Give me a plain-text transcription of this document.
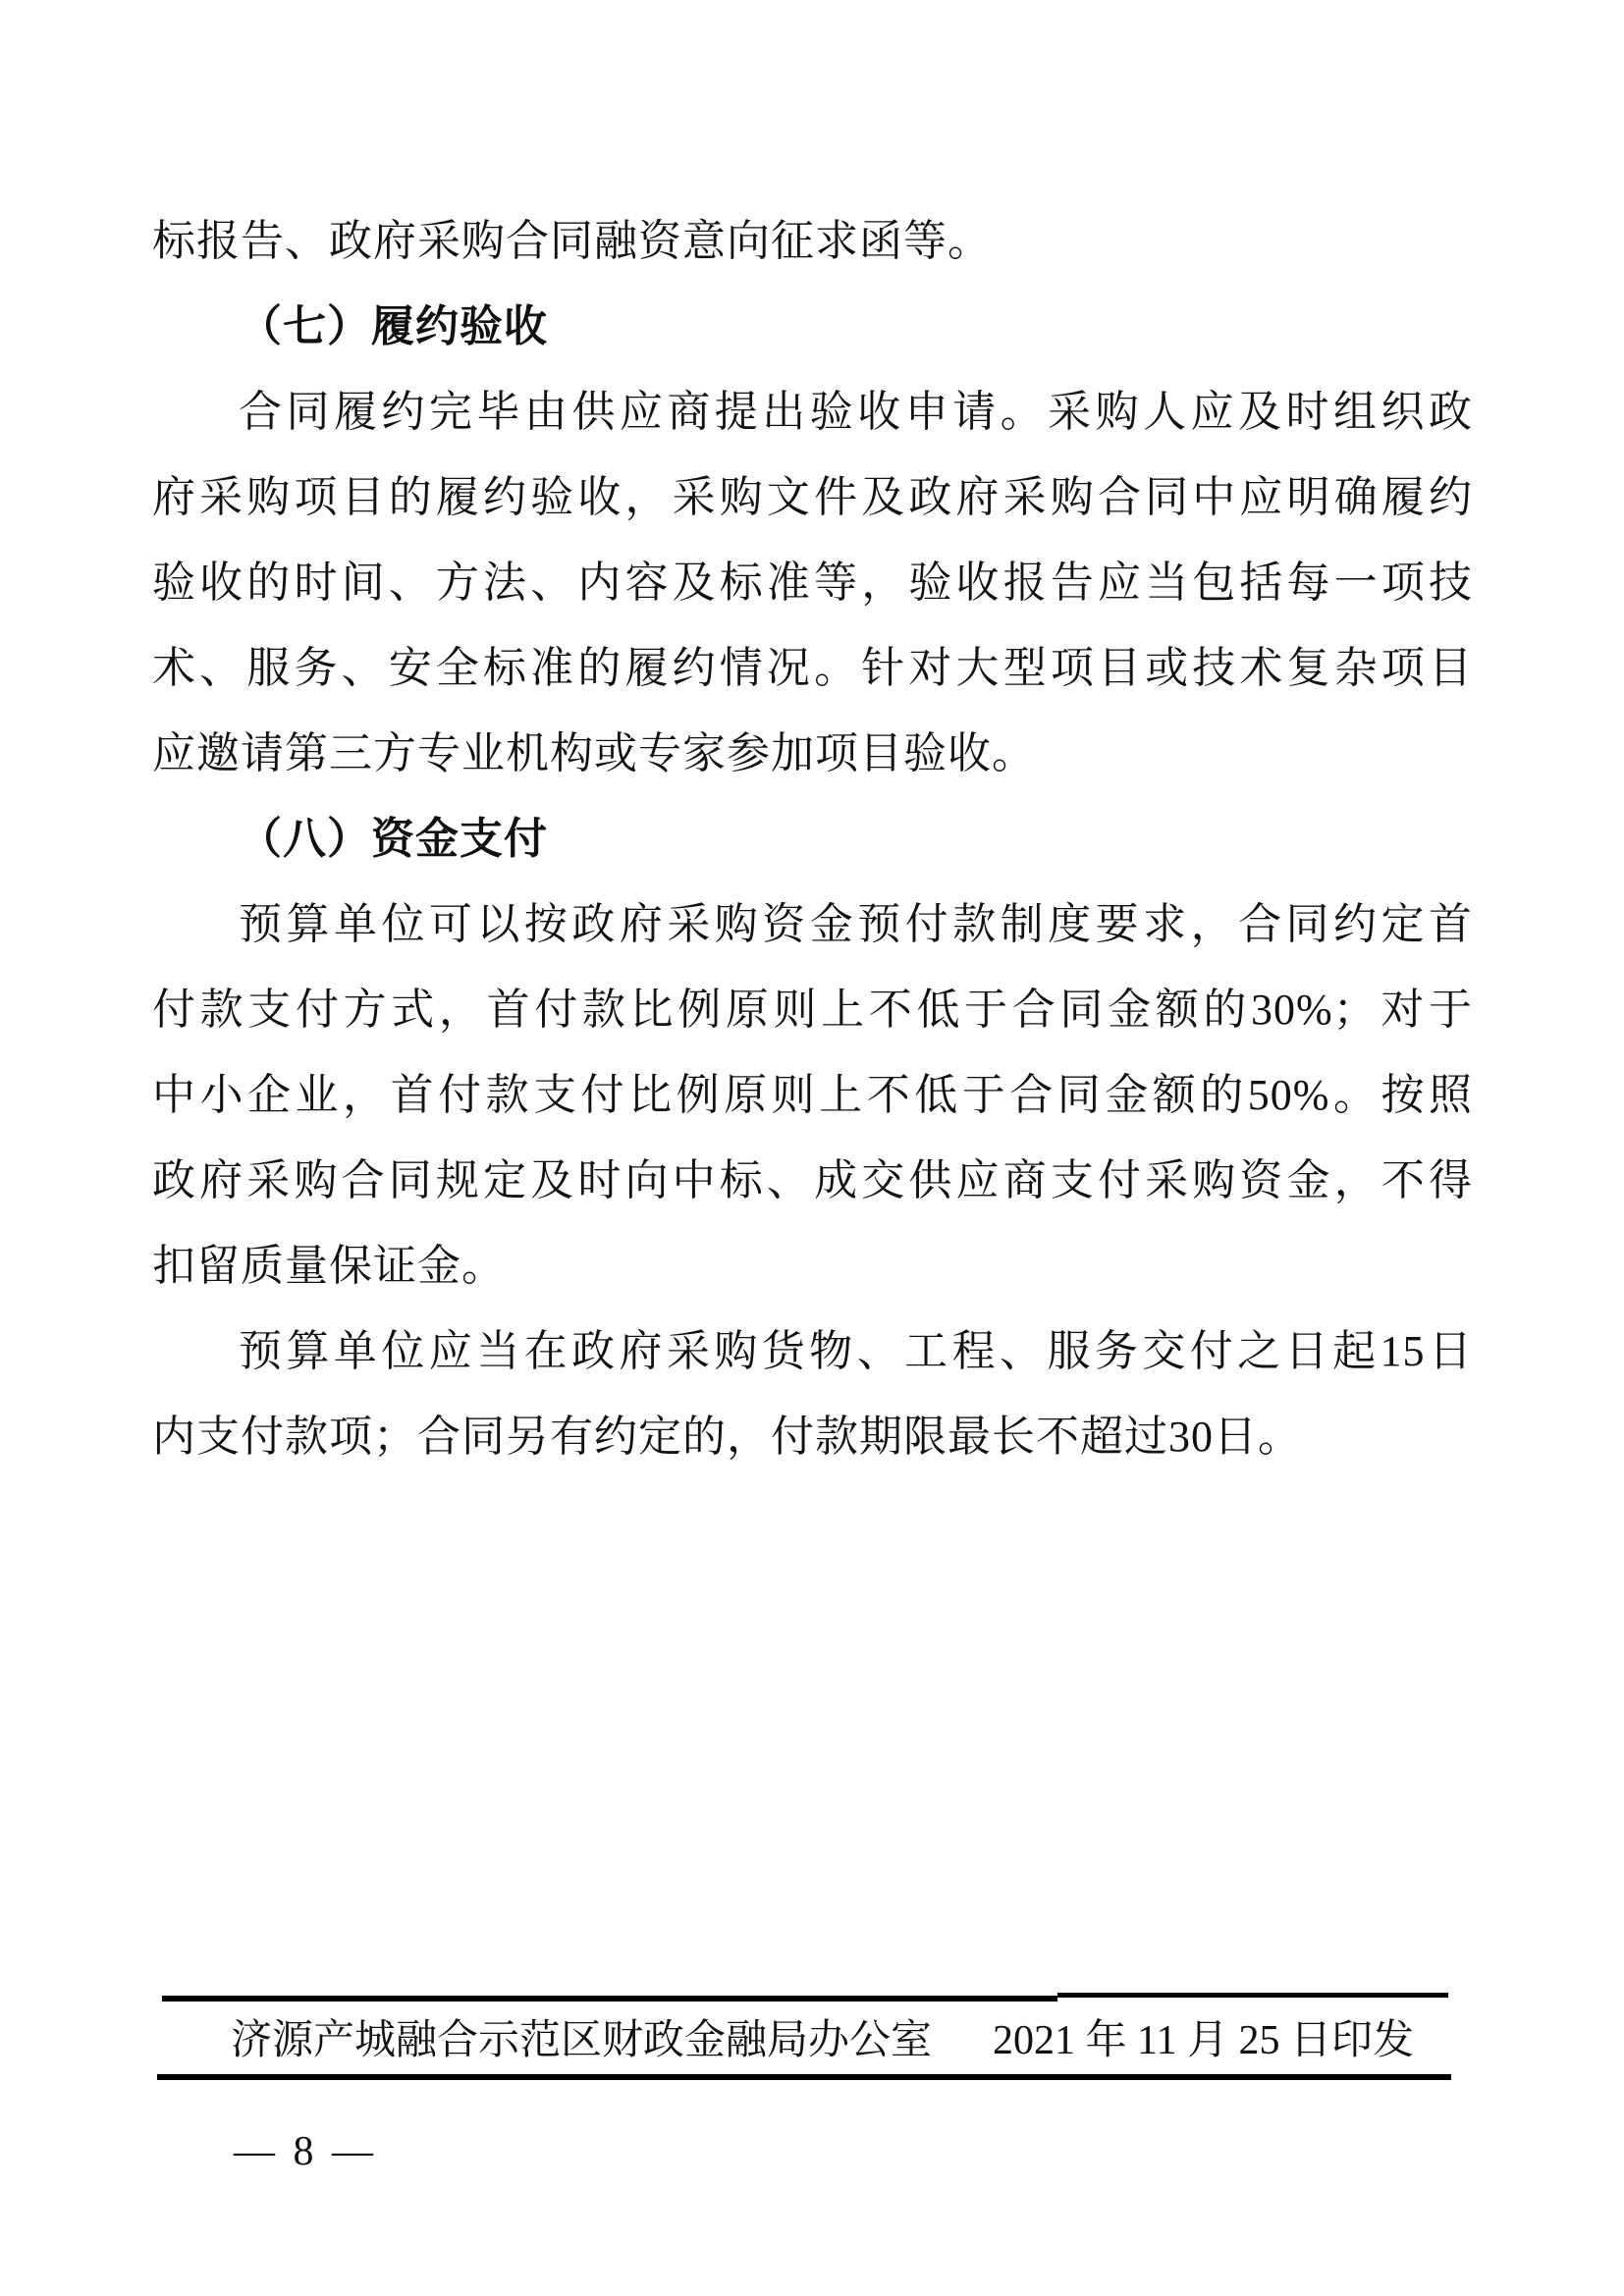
标报告、政府采购合同融资意向征求函等。
（七）履约验收
合同履约完毕由供应商提出验收申请。采购人应及时组织政
府采购项目的履约验收，采购文件及政府采购合同中应明确履约
验收的时间、方法、内容及标准等，验收报告应当包括每一项技
术、服务、安全标准的履约情况。针对大型项目或技术复杂项目
应邀请第三方专业机构或专家参加项目验收。
（八）资金支付
预算单位可以按政府采购资金预付款制度要求，合同约定首
付款支付方式，首付款比例原则上不低于合同金额的30%；对于
中小企业，首付款支付比例原则上不低于合同金额的50%。按照
政府采购合同规定及时向中标、成交供应商支付采购资金，不得
扣留质量保证金。
预算单位应当在政府采购货物、工程、服务交付之日起15日
内支付款项；合同另有约定的，付款期限最长不超过30日。
济源产城融合示范区财政金融局办公室 2021 年 11 月 25 日印发
— 8 —
